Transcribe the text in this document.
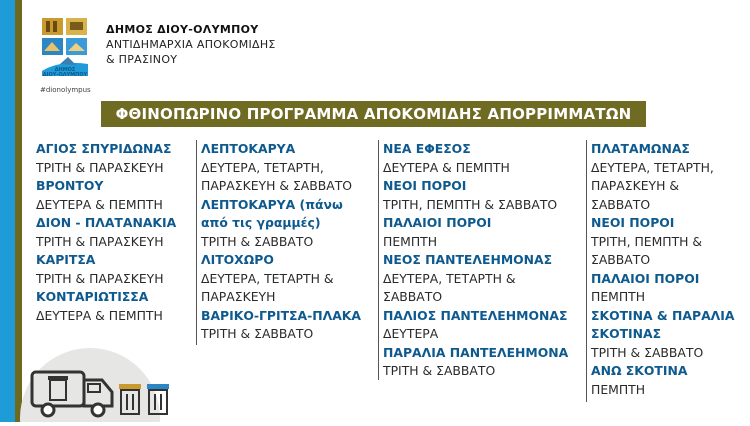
ΔΗΜΟΣ
ΔΙΟΥ-ΟΛΥΜΠΟΥ
#dionolympus
ΔΗΜΟΣ ΔΙΟΥ-ΟΛΥΜΠΟΥ
ΑΝΤΙΔΗΜΑΡΧΙΑ ΑΠΟΚΟΜΙΔΗΣ
& ΠΡΑΣΙΝΟΥ
ΦΘΙΝΟΠΩΡΙΝΟ ΠΡΟΓΡΑΜΜΑ ΑΠΟΚΟΜΙΔΗΣ ΑΠΟΡΡΙΜΜΑΤΩΝ
ΑΓΙΟΣ ΣΠΥΡΙΔΩΝΑΣ
ΤΡΙΤΗ & ΠΑΡΑΣΚΕΥΗ
ΒΡΟΝΤΟΥ
ΔΕΥΤΕΡΑ & ΠΕΜΠΤΗ
ΔΙΟΝ - ΠΛΑΤΑΝΑΚΙΑ
ΤΡΙΤΗ & ΠΑΡΑΣΚΕΥΗ
ΚΑΡΙΤΣΑ
ΤΡΙΤΗ & ΠΑΡΑΣΚΕΥΗ
ΚΟΝΤΑΡΙΩΤΙΣΣΑ
ΔΕΥΤΕΡΑ & ΠΕΜΠΤΗ
ΛΕΠΤΟΚΑΡΥΑ
ΔΕΥΤΕΡΑ, ΤΕΤΑΡΤΗ,
ΠΑΡΑΣΚΕΥΗ & ΣΑΒΒΑΤΟ
ΛΕΠΤΟΚΑΡΥΑ (πάνω
από τις γραμμές)
ΤΡΙΤΗ & ΣΑΒΒΑΤΟ
ΛΙΤΟΧΩΡΟ
ΔΕΥΤΕΡΑ, ΤΕΤΑΡΤΗ &
ΠΑΡΑΣΚΕΥΗ
ΒΑΡΙΚΟ-ΓΡΙΤΣΑ-ΠΛΑΚΑ
ΤΡΙΤΗ & ΣΑΒΒΑΤΟ
ΝΕΑ ΕΦΕΣΟΣ
ΔΕΥΤΕΡΑ & ΠΕΜΠΤΗ
ΝΕΟΙ ΠΟΡΟΙ
ΤΡΙΤΗ, ΠΕΜΠΤΗ & ΣΑΒΒΑΤΟ
ΠΑΛΑΙΟΙ ΠΟΡΟΙ
ΠΕΜΠΤΗ
ΝΕΟΣ ΠΑΝΤΕΛΕΗΜΟΝΑΣ
ΔΕΥΤΕΡΑ, ΤΕΤΑΡΤΗ &
ΣΑΒΒΑΤΟ
ΠΑΛΙΟΣ ΠΑΝΤΕΛΕΗΜΟΝΑΣ
ΔΕΥΤΕΡΑ
ΠΑΡΑΛΙΑ ΠΑΝΤΕΛΕΗΜΟΝΑ
ΤΡΙΤΗ & ΣΑΒΒΑΤΟ
ΠΛΑΤΑΜΩΝΑΣ
ΔΕΥΤΕΡΑ, ΤΕΤΑΡΤΗ,
ΠΑΡΑΣΚΕΥΗ &
ΣΑΒΒΑΤΟ
ΝΕΟΙ ΠΟΡΟΙ
ΤΡΙΤΗ, ΠΕΜΠΤΗ &
ΣΑΒΒΑΤΟ
ΠΑΛΑΙΟΙ ΠΟΡΟΙ
ΠΕΜΠΤΗ
ΣΚΟΤΙΝΑ & ΠΑΡΑΛΙΑ
ΣΚΟΤΙΝΑΣ
ΤΡΙΤΗ & ΣΑΒΒΑΤΟ
ΑΝΩ ΣΚΟΤΙΝΑ
ΠΕΜΠΤΗ
